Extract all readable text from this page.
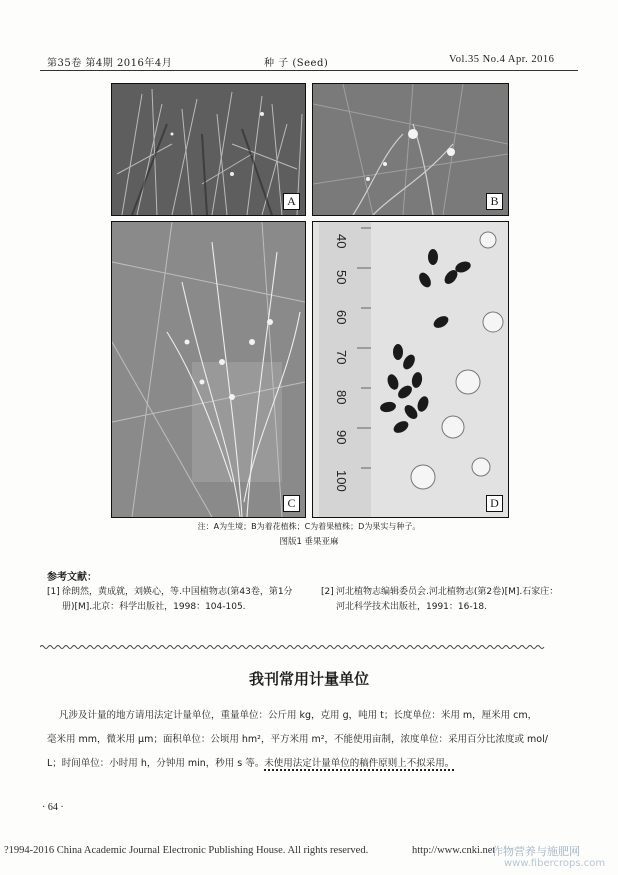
第35卷 第4期 2016年4月	种 子 (Seed)	Vol.35 No.4 Apr. 2016
A	B
C
40
50
60
70
80
90
100
D
注：A为生境；B为着花植株；C为着果植株；D为果实与种子。
图版1 垂果亚麻
参考文献：
[1] 徐朗然，黄成就，刘媖心，等.中国植物志(第43卷，第1分
册)[M].北京：科学出版社，1998：104-105.
[2] 河北植物志编辑委员会.河北植物志(第2卷)[M].石家庄：
河北科学技术出版社，1991：16-18.
我刊常用计量单位
凡涉及计量的地方请用法定计量单位，重量单位：公斤用 kg，克用 g，吨用 t；长度单位：米用 m，厘米用 cm，
毫米用 mm，微米用 μm；面积单位：公顷用 hm²，平方米用 m²，不能使用亩制，浓度单位：采用百分比浓度或 mol/
L；时间单位：小时用 h，分钟用 min，秒用 s 等。未使用法定计量单位的稿件原则上不拟采用。
· 64 ·
?1994-2016 China Academic Journal Electronic Publishing House. All rights reserved.	http://www.cnki.net
作物营养与施肥网
www.fibercrops.com
